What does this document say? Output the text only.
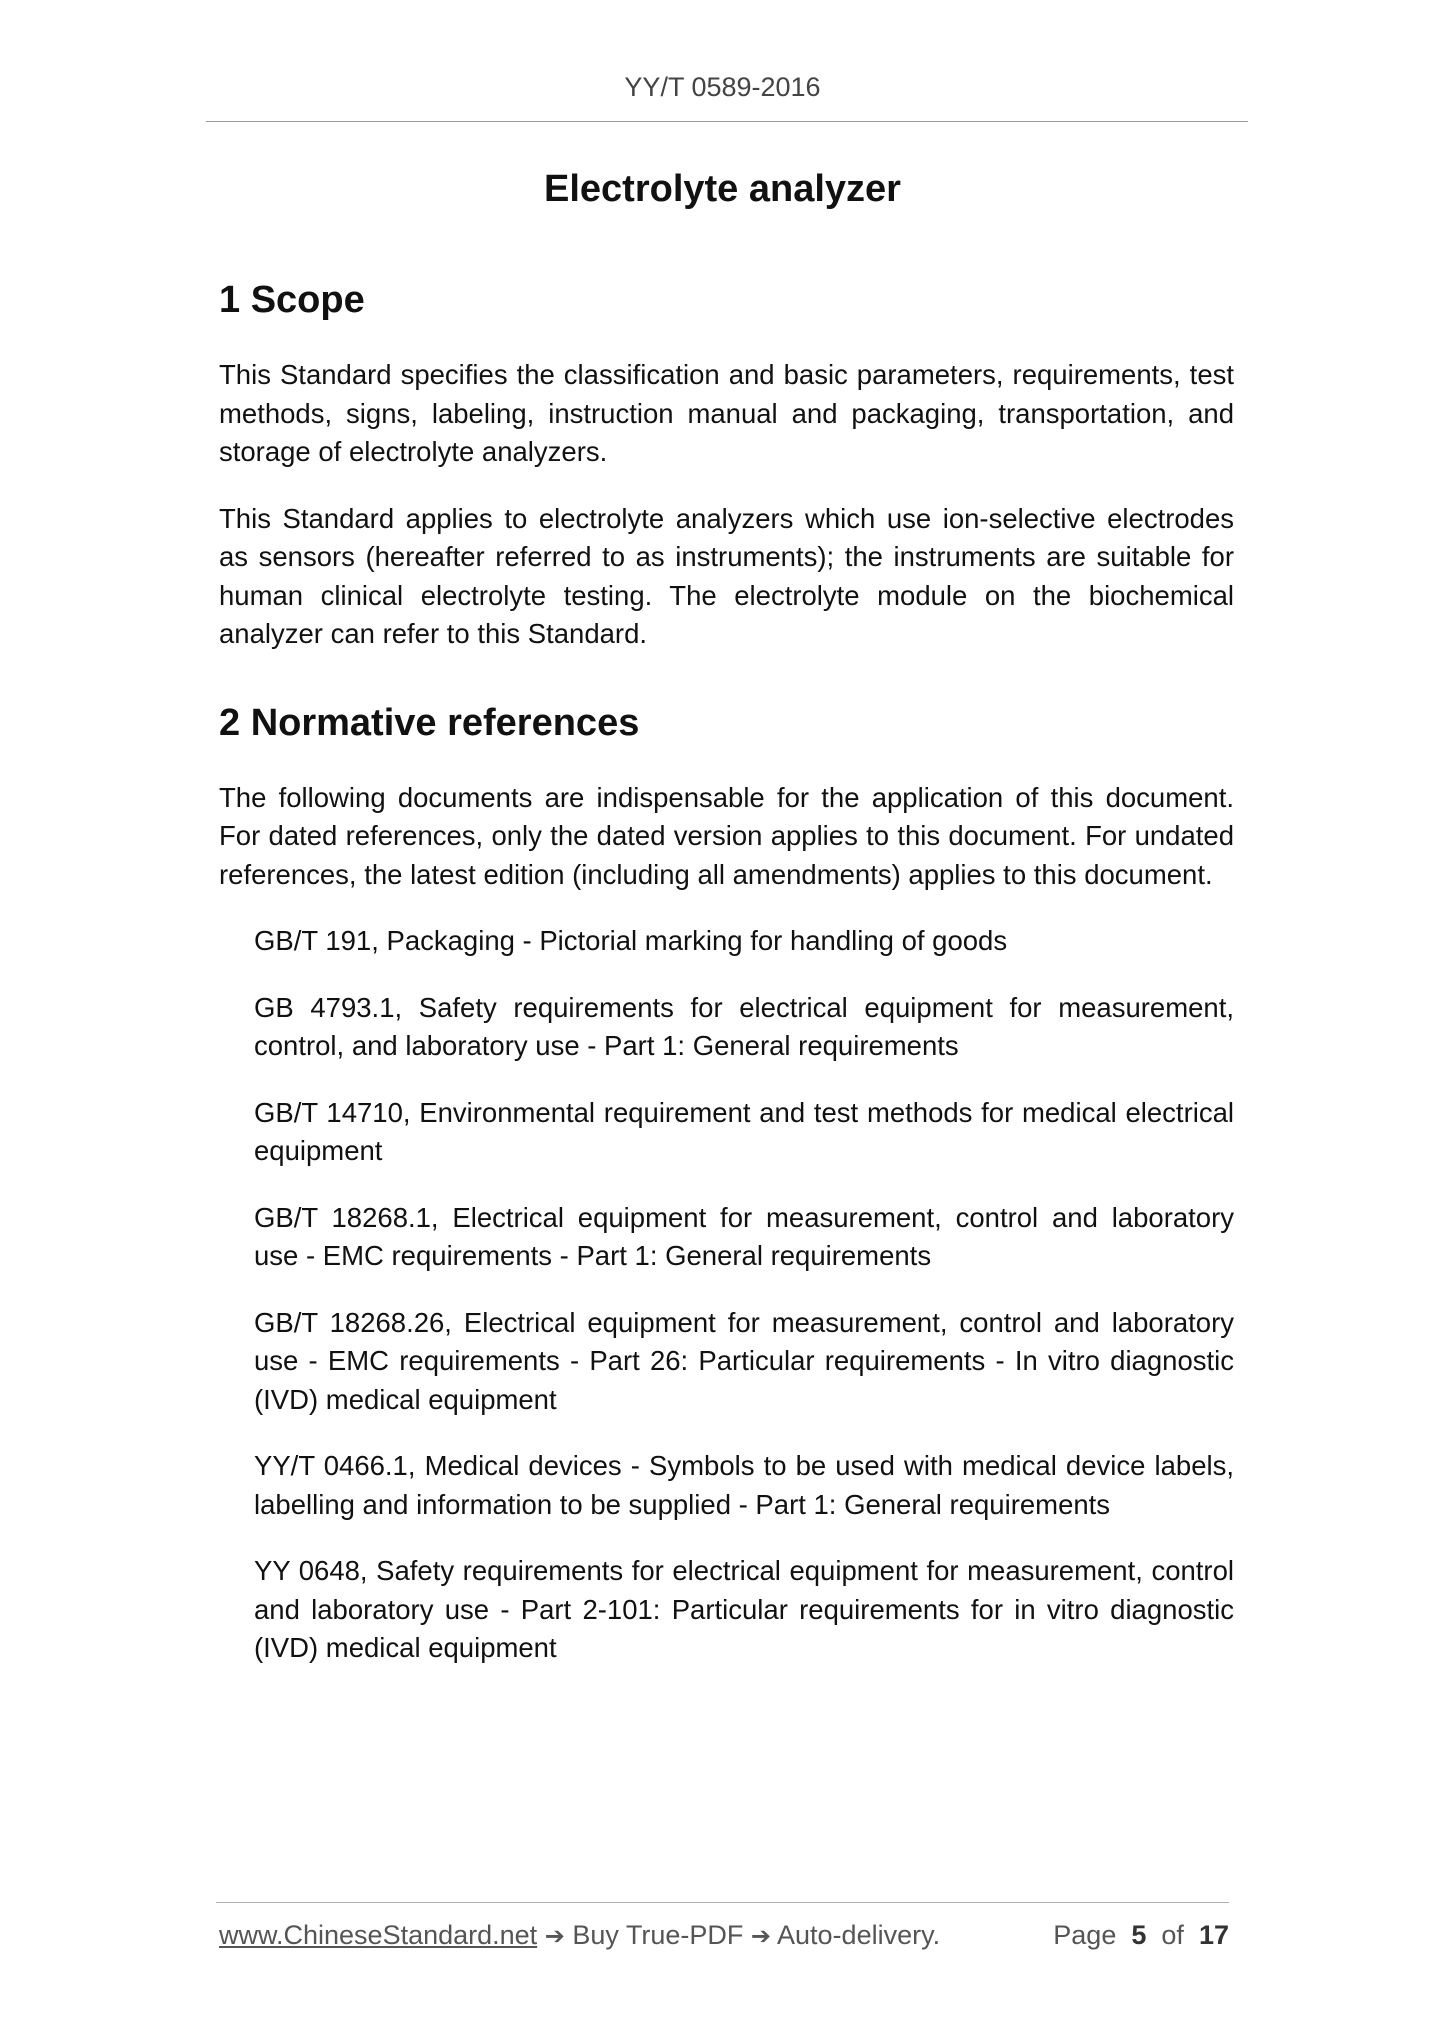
YY/T 0589-2016
Electrolyte analyzer
1 Scope

This Standard specifies the classification and basic parameters, requirements, test methods, signs, labeling, instruction manual and packaging, transportation, and storage of electrolyte analyzers.

This Standard applies to electrolyte analyzers which use ion-selective electrodes as sensors (hereafter referred to as instruments); the instruments are suitable for human clinical electrolyte testing. The electrolyte module on the biochemical analyzer can refer to this Standard.

2 Normative references

The following documents are indispensable for the application of this document. For dated references, only the dated version applies to this document. For undated references, the latest edition (including all amendments) applies to this document.

GB/T 191, Packaging - Pictorial marking for handling of goods

GB 4793.1, Safety requirements for electrical equipment for measurement, control, and laboratory use - Part 1: General requirements

GB/T 14710, Environmental requirement and test methods for medical electrical equipment

GB/T 18268.1, Electrical equipment for measurement, control and laboratory use - EMC requirements - Part 1: General requirements

GB/T 18268.26, Electrical equipment for measurement, control and laboratory use - EMC requirements - Part 26: Particular requirements - In vitro diagnostic (IVD) medical equipment

YY/T 0466.1, Medical devices - Symbols to be used with medical device labels, labelling and information to be supplied - Part 1: General requirements

YY 0648, Safety requirements for electrical equipment for measurement, control and laboratory use - Part 2-101: Particular requirements for in vitro diagnostic (IVD) medical equipment

www.ChineseStandard.net ➔ Buy True-PDF ➔ Auto-delivery.	Page 5 of 17
